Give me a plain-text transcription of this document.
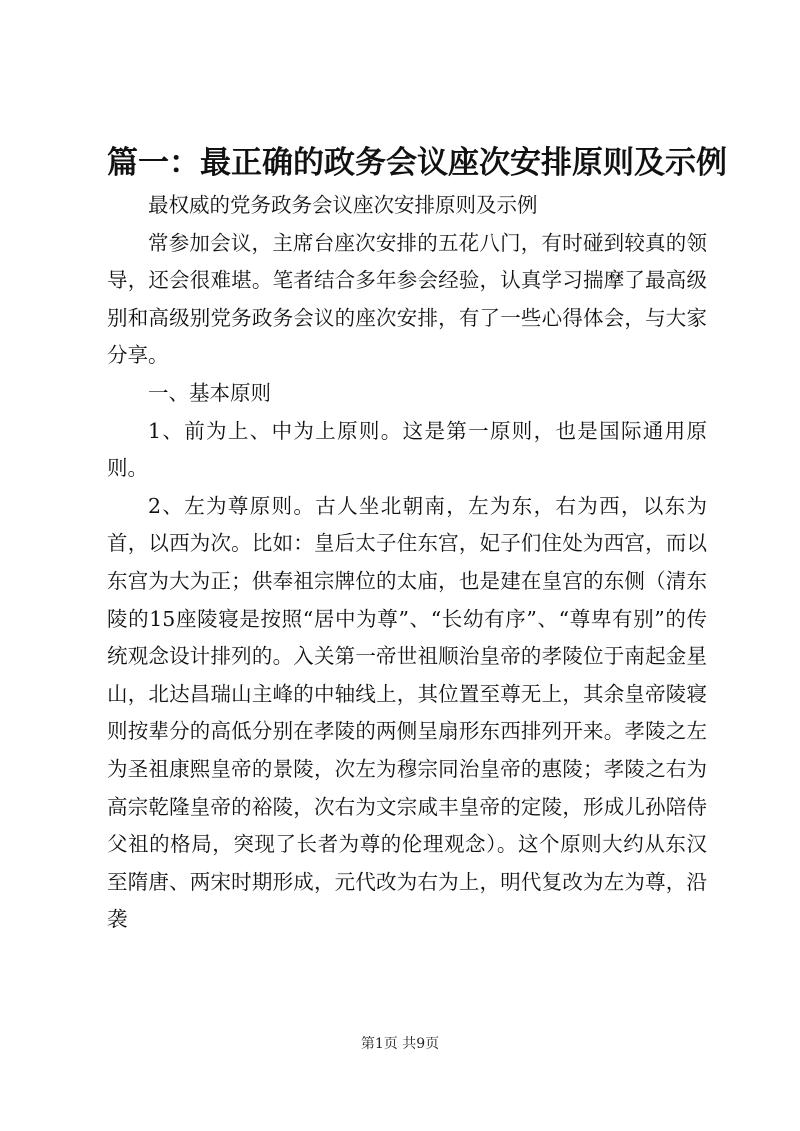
篇一：最正确的政务会议座次安排原则及示例

最权威的党务政务会议座次安排原则及示例

常参加会议，主席台座次安排的五花八门，有时碰到较真的领导，还会很难堪。笔者结合多年参会经验，认真学习揣摩了最高级别和高级别党务政务会议的座次安排，有了一些心得体会，与大家分享。

一、基本原则

1、前为上、中为上原则。这是第一原则，也是国际通用原则。

2、左为尊原则。古人坐北朝南，左为东，右为西，以东为首，以西为次。比如：皇后太子住东宫，妃子们住处为西宫，而以东宫为大为正；供奉祖宗牌位的太庙，也是建在皇宫的东侧（清东陵的15座陵寝是按照“居中为尊”、“长幼有序”、“尊卑有别”的传统观念设计排列的。入关第一帝世祖顺治皇帝的孝陵位于南起金星山，北达昌瑞山主峰的中轴线上，其位置至尊无上，其余皇帝陵寝则按辈分的高低分别在孝陵的两侧呈扇形东西排列开来。孝陵之左为圣祖康熙皇帝的景陵，次左为穆宗同治皇帝的惠陵；孝陵之右为高宗乾隆皇帝的裕陵，次右为文宗咸丰皇帝的定陵，形成儿孙陪侍父祖的格局，突现了长者为尊的伦理观念）。这个原则大约从东汉至隋唐、两宋时期形成，元代改为右为上，明代复改为左为尊，沿袭

第1页 共9页
